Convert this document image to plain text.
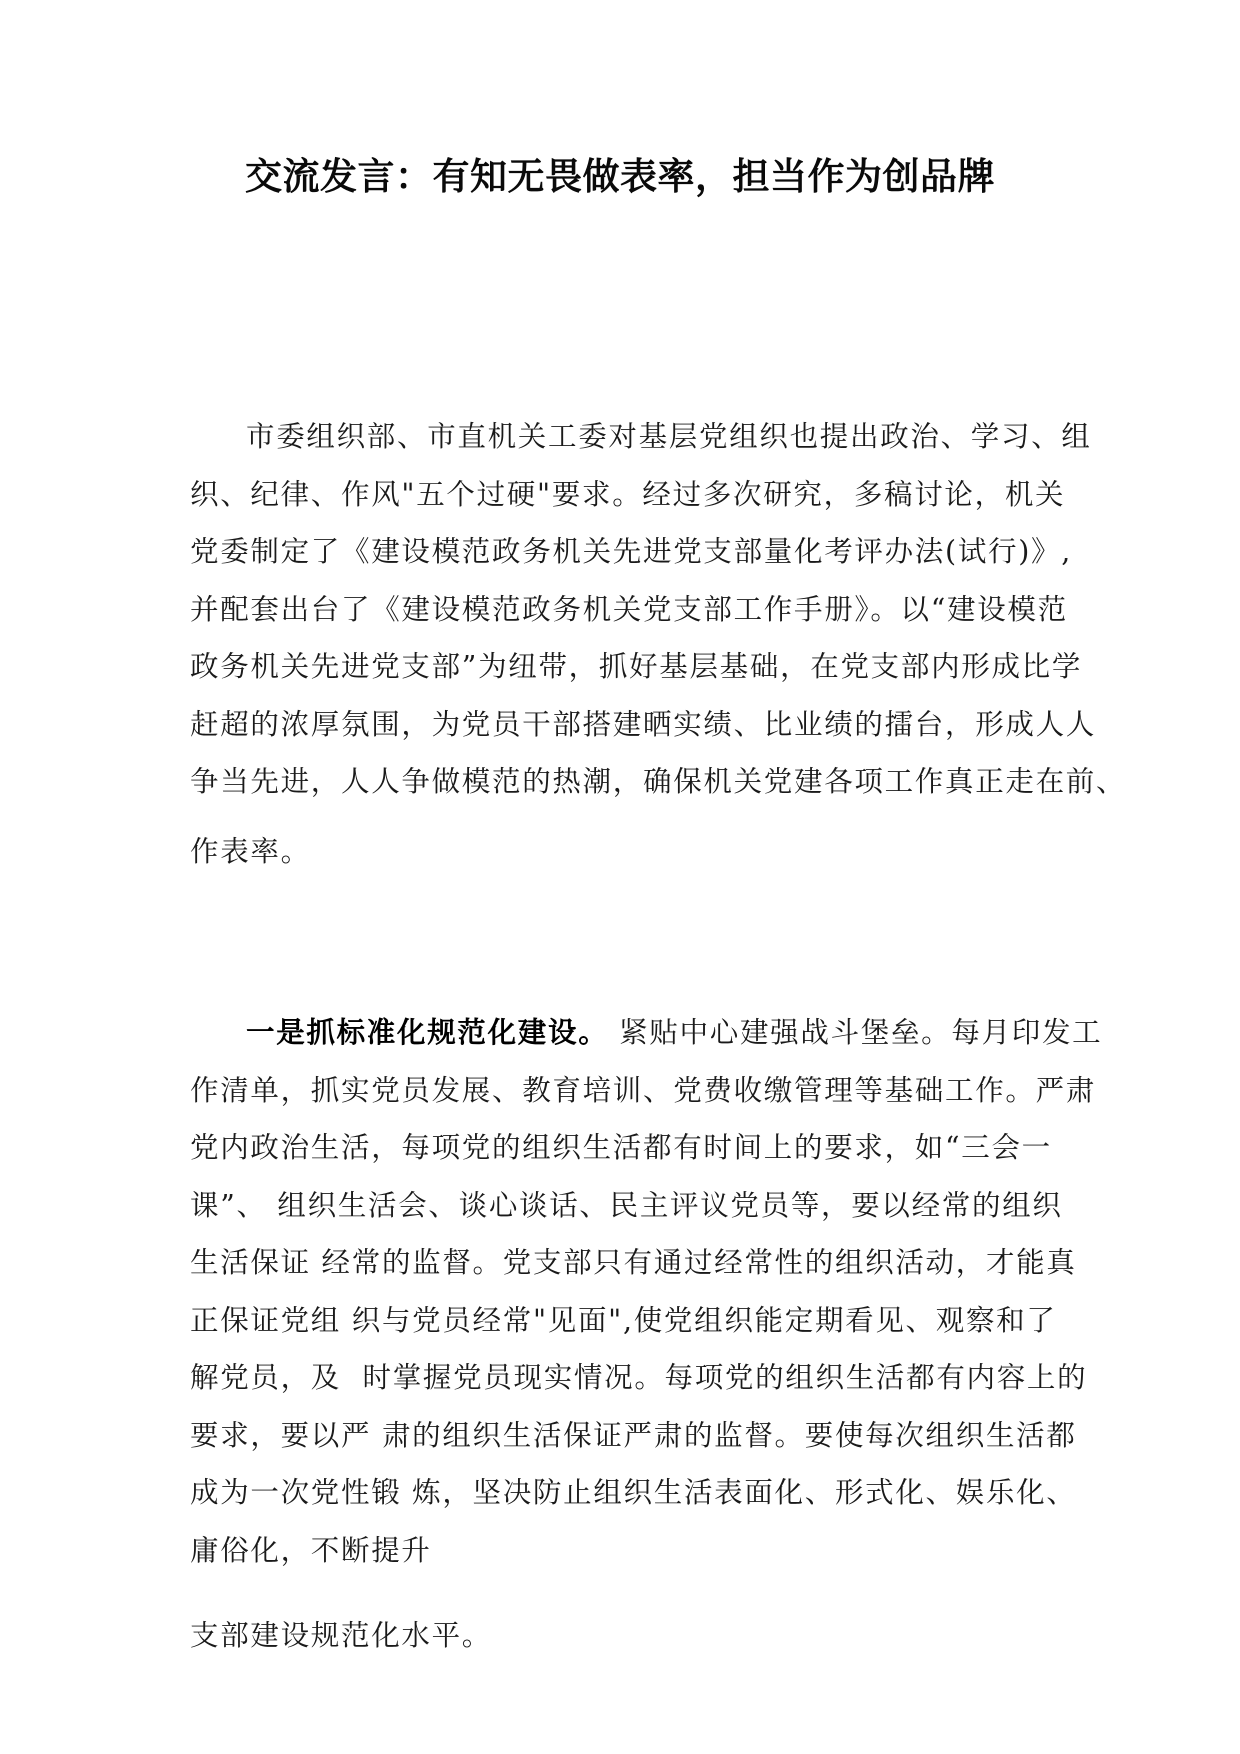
交流发言：有知无畏做表率，担当作为创品牌
市委组织部、市直机关工委对基层党组织也提出政治、学习、组
织、纪律、作风"五个过硬"要求。经过多次研究，多稿讨论，机关
党委制定了《建设模范政务机关先进党支部量化考评办法(试行)》,
并配套出台了《建设模范政务机关党支部工作手册》。以“建设模范
政务机关先进党支部”为纽带，抓好基层基础，在党支部内形成比学
赶超的浓厚氛围，为党员干部搭建晒实绩、比业绩的擂台，形成人人
争当先进，人人争做模范的热潮，确保机关党建各项工作真正走在前、
作表率。
一是抓标准化规范化建设。 紧贴中心建强战斗堡垒。每月印发工
作清单，抓实党员发展、教育培训、党费收缴管理等基础工作。严肃
党内政治生活，每项党的组织生活都有时间上的要求，如“三会一
课”、 组织生活会、谈心谈话、民主评议党员等，要以经常的组织
生活保证 经常的监督。党支部只有通过经常性的组织活动，才能真
正保证党组 织与党员经常"见面",使党组织能定期看见、观察和了
解党员，及  时掌握党员现实情况。每项党的组织生活都有内容上的
要求，要以严 肃的组织生活保证严肃的监督。要使每次组织生活都
成为一次党性锻 炼，坚决防止组织生活表面化、形式化、娱乐化、
庸俗化，不断提升
支部建设规范化水平。
